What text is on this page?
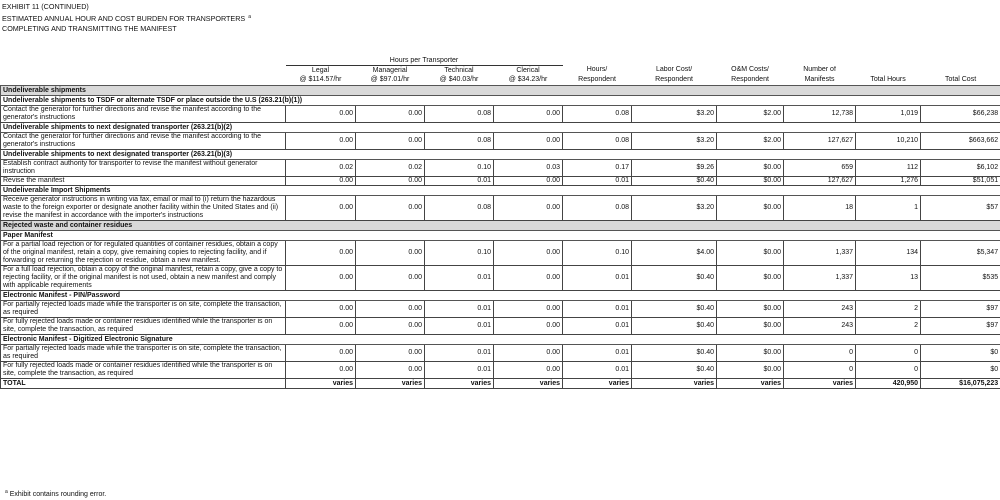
EXHIBIT 11 (CONTINUED)
ESTIMATED ANNUAL HOUR AND COST BURDEN FOR TRANSPORTERS $^a$
COMPLETING AND TRANSMITTING THE MANIFEST
	Hours per Transporter									
	Legal	Managerial	Technical	Clerical	Hours/	Labor Cost/	O&M Costs/	Number of		
	@ $114.57/hr	@ $97.01/hr	@ $40.03/hr	@ $34.23/hr	Respondent	Respondent	Respondent	Manifests	Total Hours	Total Cost
Undeliverable shipments										
Undeliverable shipments to TSDF or alternate TSDF or place outside the U.S (263.21(b)(1))										
Contact the generator for further directions and revise the manifest according to the generator's instructions	0.00	0.00	0.08	0.00	0.08	$3.20	$2.00	12,738	1,019	$66,238
Undeliverable shipments to next designated transporter (263.21(b)(2)										
Contact the generator for further directions and revise the manifest according to the generator's instructions	0.00	0.00	0.08	0.00	0.08	$3.20	$2.00	127,627	10,210	$663,662
Undeliverable shipments to next designated transporter (263.21(b)(3)										
Establish contract authority for transporter to revise the manifest without generator instruction	0.02	0.02	0.10	0.03	0.17	$9.26	$0.00	659	112	$6,102
Revise the manifest	0.00	0.00	0.01	0.00	0.01	$0.40	$0.00	127,627	1,276	$51,051
Undeliverable Import Shipments										
Receive generator instructions in writing via fax, email or mail to (i) return the hazardous waste to the foreign exporter or designate another facility within the United States and (ii) revise the manifest in accordance with the importer's instructions	0.00	0.00	0.08	0.00	0.08	$3.20	$0.00	18	1	$57
Rejected waste and container residues										
Paper Manifest										
For a partial load rejection or for regulated quantities of container residues, obtain a copy of the original manifest, retain a copy, give remaining copies to rejecting facility, and if forwarding or returning the rejection or residue, obtain a new manifest.	0.00	0.00	0.10	0.00	0.10	$4.00	$0.00	1,337	134	$5,347
For a full load rejection, obtain a copy of the original manifest, retain a copy, give a copy to rejecting facility, or if the original manifest is not used, obtain a new manifest and comply with applicable requirements	0.00	0.00	0.01	0.00	0.01	$0.40	$0.00	1,337	13	$535
Electronic Manifest - PIN/Password										
For partially rejected loads made while the transporter is on site, complete the transaction, as required	0.00	0.00	0.01	0.00	0.01	$0.40	$0.00	243	2	$97
For fully rejected loads made or container residues identified while the transporter is on site, complete the transaction, as required	0.00	0.00	0.01	0.00	0.01	$0.40	$0.00	243	2	$97
Electronic Manifest - Digitized Electronic Signature										
For partially rejected loads made while the transporter is on site, complete the transaction, as required	0.00	0.00	0.01	0.00	0.01	$0.40	$0.00	0	0	$0
For fully rejected loads made or container residues identified while the transporter is on site, complete the transaction, as required	0.00	0.00	0.01	0.00	0.01	$0.40	$0.00	0	0	$0
TOTAL	varies	varies	varies	varies	varies	varies	varies	varies	420,950	$16,075,223
$^a$ Exhibit contains rounding error.
